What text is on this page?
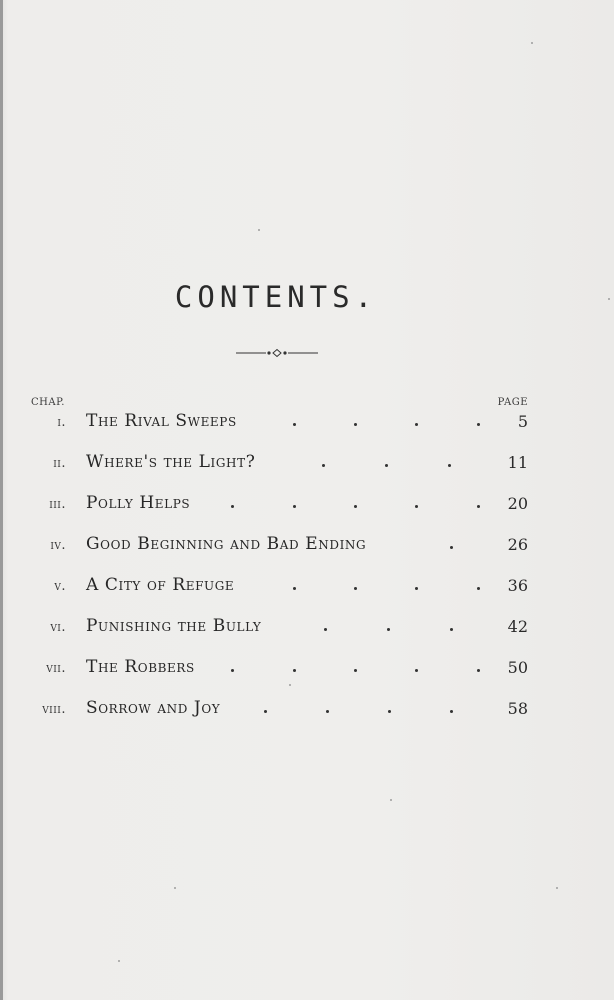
CONTENTS.
CHAP.	PAGE
i. The Rival Sweeps	5
ii. Where's the Light?	11
iii. Polly Helps	20
iv. Good Beginning and Bad Ending	26
v. A City of Refuge	36
vi. Punishing the Bully	42
vii. The Robbers	50
viii. Sorrow and Joy	58
